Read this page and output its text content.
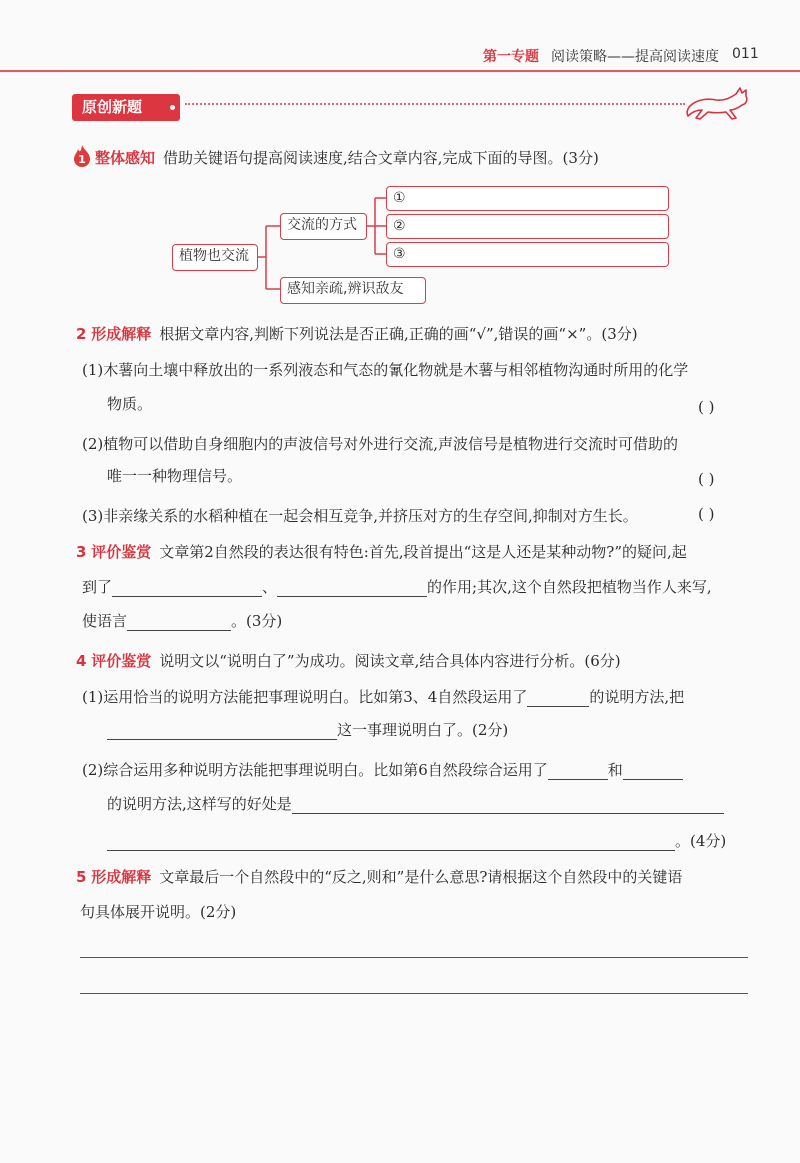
第一专题 阅读策略——提高阅读速度 011
原创新题
1 整体感知 借助关键语句提高阅读速度,结合文章内容,完成下面的导图。(3分)
植物也交流
交流的方式
①
②
③
感知亲疏,辨识敌友
2 形成解释 根据文章内容,判断下列说法是否正确,正确的画“√”,错误的画“×”。(3分)
(1)木薯向土壤中释放出的一系列液态和气态的氰化物就是木薯与相邻植物沟通时所用的化学
物质。	( )
(2)植物可以借助自身细胞内的声波信号对外进行交流,声波信号是植物进行交流时可借助的
唯一一种物理信号。	( )
(3)非亲缘关系的水稻种植在一起会相互竞争,并挤压对方的生存空间,抑制对方生长。	( )
3 评价鉴赏 文章第2自然段的表达很有特色:首先,段首提出“这是人还是某种动物?”的疑问,起
到了	、	的作用;其次,这个自然段把植物当作人来写,
使语言	。(3分)
4 评价鉴赏 说明文以“说明白了”为成功。阅读文章,结合具体内容进行分析。(6分)
(1)运用恰当的说明方法能把事理说明白。比如第3、4自然段运用了	的说明方法,把
这一事理说明白了。(2分)
(2)综合运用多种说明方法能把事理说明白。比如第6自然段综合运用了	和
的说明方法,这样写的好处是
。(4分)
5 形成解释 文章最后一个自然段中的“反之,则和”是什么意思?请根据这个自然段中的关键语
句具体展开说明。(2分)
